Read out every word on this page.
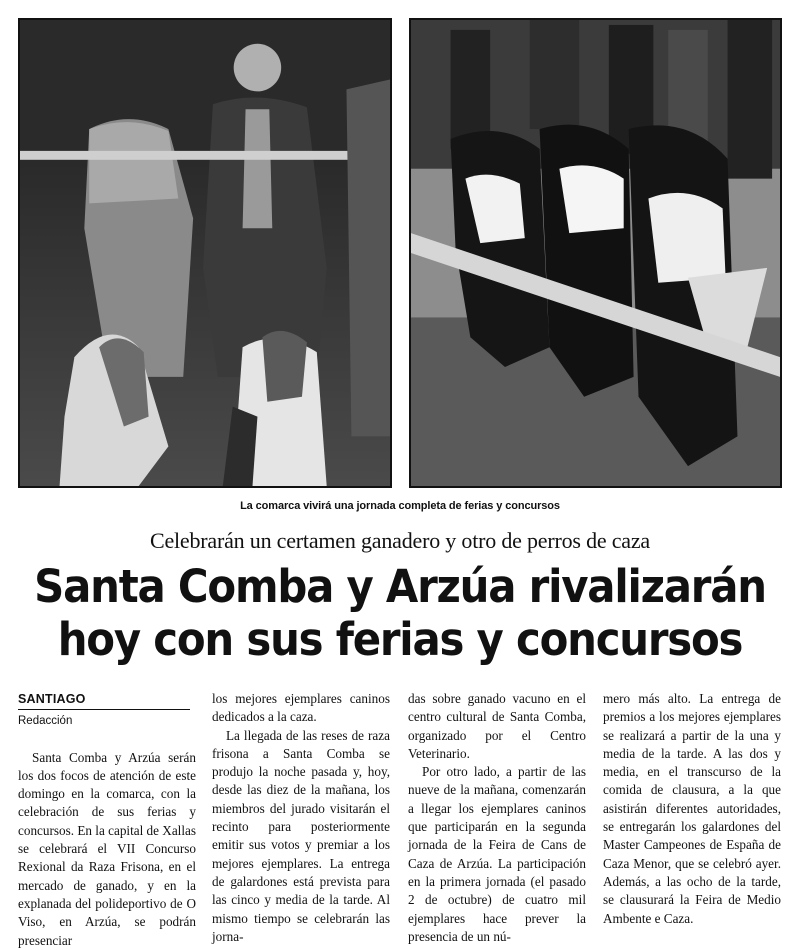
La comarca vivirá una jornada completa de ferias y concursos
Celebrarán un certamen ganadero y otro de perros de caza
Santa Comba y Arzúa rivalizarán
hoy con sus ferias y concursos
SANTIAGO
Redacción

Santa Comba y Arzúa serán los dos focos de atención de este domingo en la comarca, con la celebración de sus ferias y concursos. En la capital de Xallas se celebrará el VII Concurso Rexional da Raza Frisona, en el mercado de ganado, y en la explanada del polideportivo de O Viso, en Arzúa, se podrán presenciar

los mejores ejemplares caninos dedicados a la caza.

La llegada de las reses de raza frisona a Santa Comba se produjo la noche pasada y, hoy, desde las diez de la mañana, los miembros del jurado visitarán el recinto para posteriormente emitir sus votos y premiar a los mejores ejemplares. La entrega de galardones está prevista para las cinco y media de la tarde. Al mismo tiempo se celebrarán las jorna-

das sobre ganado vacuno en el centro cultural de Santa Comba, organizado por el Centro Veterinario.

Por otro lado, a partir de las nueve de la mañana, comenzarán a llegar los ejemplares caninos que participarán en la segunda jornada de la Feira de Cans de Caza de Arzúa. La participación en la primera jornada (el pasado 2 de octubre) de cuatro mil ejemplares hace prever la presencia de un nú-

mero más alto. La entrega de premios a los mejores ejemplares se realizará a partir de la una y media de la tarde. A las dos y media, en el transcurso de la comida de clausura, a la que asistirán diferentes autoridades, se entregarán los galardones del Master Campeones de España de Caza Menor, que se celebró ayer. Además, a las ocho de la tarde, se clausurará la Feira de Medio Ambente e Caza.
